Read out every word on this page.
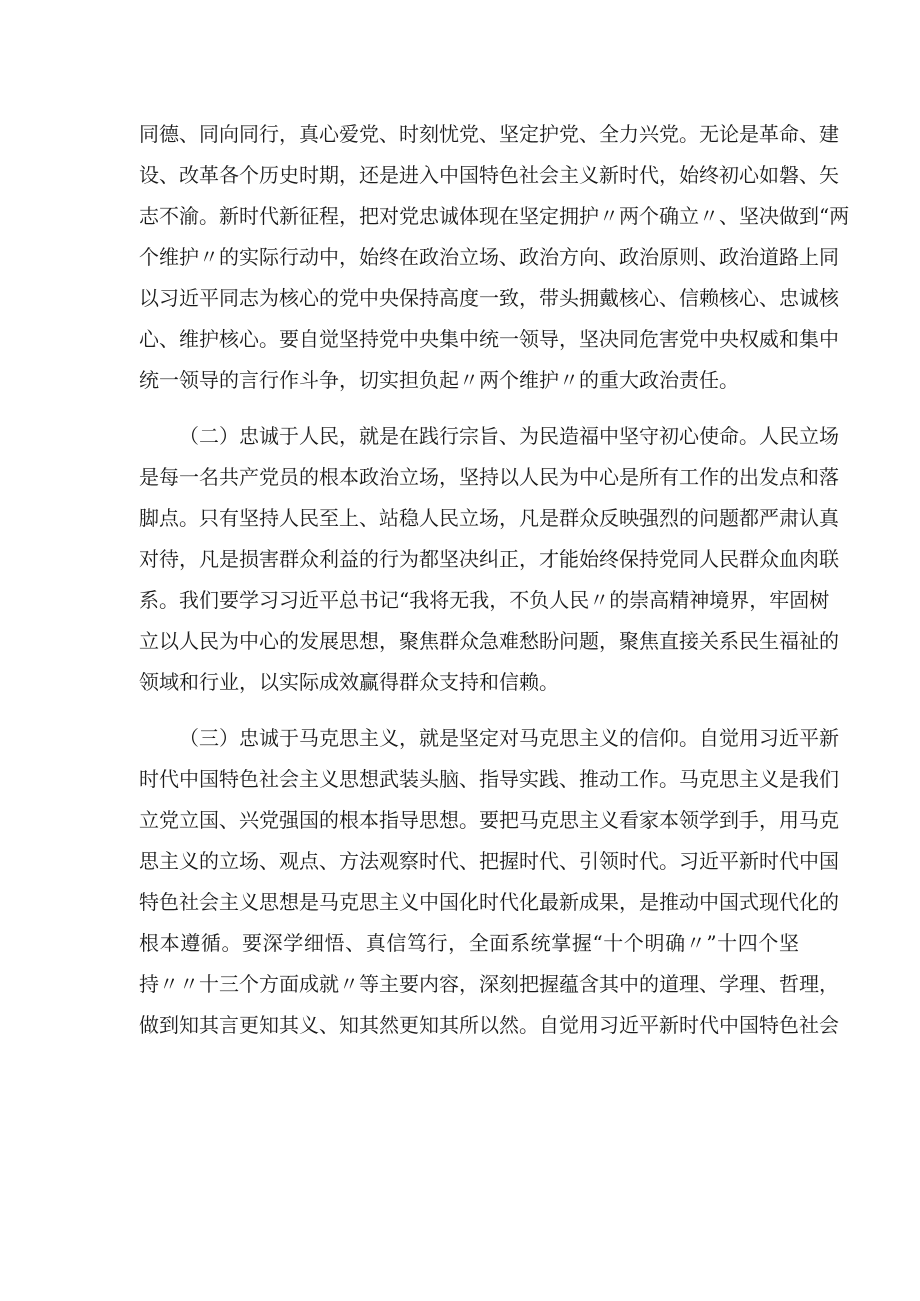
同德、同向同行，真心爱党、时刻忧党、坚定护党、全力兴党。无论是革命、建
设、改革各个历史时期，还是进入中国特色社会主义新时代，始终初心如磐、矢
志不渝。新时代新征程，把对党忠诚体现在坚定拥护〃两个确立〃、坚决做到“两
个维护〃的实际行动中，始终在政治立场、政治方向、政治原则、政治道路上同
以习近平同志为核心的党中央保持高度一致，带头拥戴核心、信赖核心、忠诚核
心、维护核心。要自觉坚持党中央集中统一领导，坚决同危害党中央权威和集中
统一领导的言行作斗争，切实担负起〃两个维护〃的重大政治责任。
（二）忠诚于人民，就是在践行宗旨、为民造福中坚守初心使命。人民立场
是每一名共产党员的根本政治立场，坚持以人民为中心是所有工作的出发点和落
脚点。只有坚持人民至上、站稳人民立场，凡是群众反映强烈的问题都严肃认真
对待，凡是损害群众利益的行为都坚决纠正，才能始终保持党同人民群众血肉联
系。我们要学习习近平总书记“我将无我，不负人民〃的崇高精神境界，牢固树
立以人民为中心的发展思想，聚焦群众急难愁盼问题，聚焦直接关系民生福祉的
领域和行业，以实际成效赢得群众支持和信赖。
（三）忠诚于马克思主义，就是坚定对马克思主义的信仰。自觉用习近平新
时代中国特色社会主义思想武装头脑、指导实践、推动工作。马克思主义是我们
立党立国、兴党强国的根本指导思想。要把马克思主义看家本领学到手，用马克
思主义的立场、观点、方法观察时代、把握时代、引领时代。习近平新时代中国
特色社会主义思想是马克思主义中国化时代化最新成果，是推动中国式现代化的
根本遵循。要深学细悟、真信笃行，全面系统掌握“十个明确〃”十四个坚
持〃〃十三个方面成就〃等主要内容，深刻把握蕴含其中的道理、学理、哲理，
做到知其言更知其义、知其然更知其所以然。自觉用习近平新时代中国特色社会
